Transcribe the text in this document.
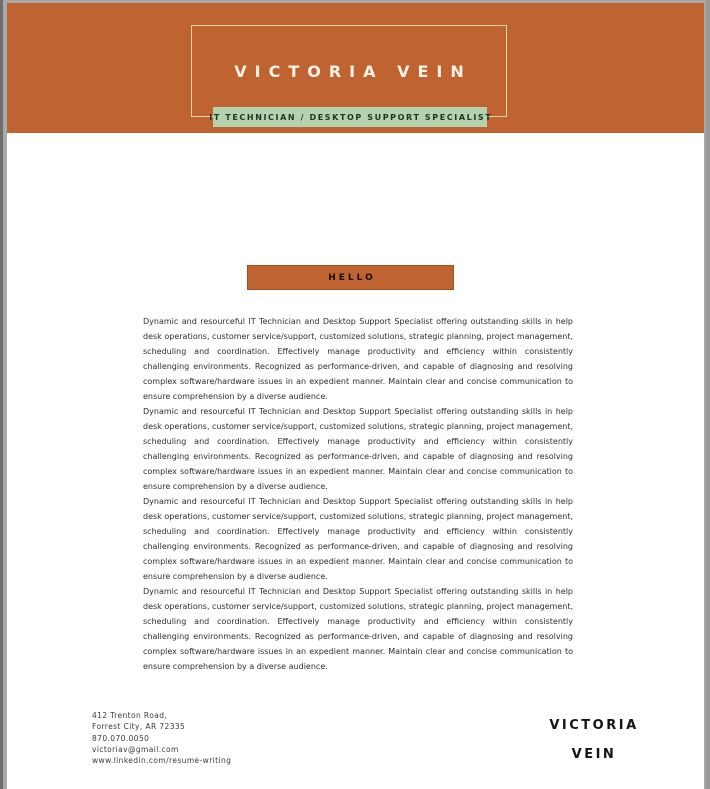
VICTORIA VEIN
IT TECHNICIAN / DESKTOP SUPPORT SPECIALIST
HELLO

Dynamic and resourceful IT Technician and Desktop Support Specialist offering outstanding skills in help desk operations, customer service/support, customized solutions, strategic planning, project management, scheduling and coordination. Effectively manage productivity and efficiency within consistently challenging environments. Recognized as performance-driven, and capable of diagnosing and resolving complex software/hardware issues in an expedient manner. Maintain clear and concise communication to ensure comprehension by a diverse audience.

Dynamic and resourceful IT Technician and Desktop Support Specialist offering outstanding skills in help desk operations, customer service/support, customized solutions, strategic planning, project management, scheduling and coordination. Effectively manage productivity and efficiency within consistently challenging environments. Recognized as performance-driven, and capable of diagnosing and resolving complex software/hardware issues in an expedient manner. Maintain clear and concise communication to ensure comprehension by a diverse audience.

Dynamic and resourceful IT Technician and Desktop Support Specialist offering outstanding skills in help desk operations, customer service/support, customized solutions, strategic planning, project management, scheduling and coordination. Effectively manage productivity and efficiency within consistently challenging environments. Recognized as performance-driven, and capable of diagnosing and resolving complex software/hardware issues in an expedient manner. Maintain clear and concise communication to ensure comprehension by a diverse audience.

Dynamic and resourceful IT Technician and Desktop Support Specialist offering outstanding skills in help desk operations, customer service/support, customized solutions, strategic planning, project management, scheduling and coordination. Effectively manage productivity and efficiency within consistently challenging environments. Recognized as performance-driven, and capable of diagnosing and resolving complex software/hardware issues in an expedient manner. Maintain clear and concise communication to ensure comprehension by a diverse audience.

412 Trenton Road,
Forrest City, AR 72335
870.070.0050
victoriav@gmail.com
www.linkedin.com/resume-writing
VICTORIA
VEIN
